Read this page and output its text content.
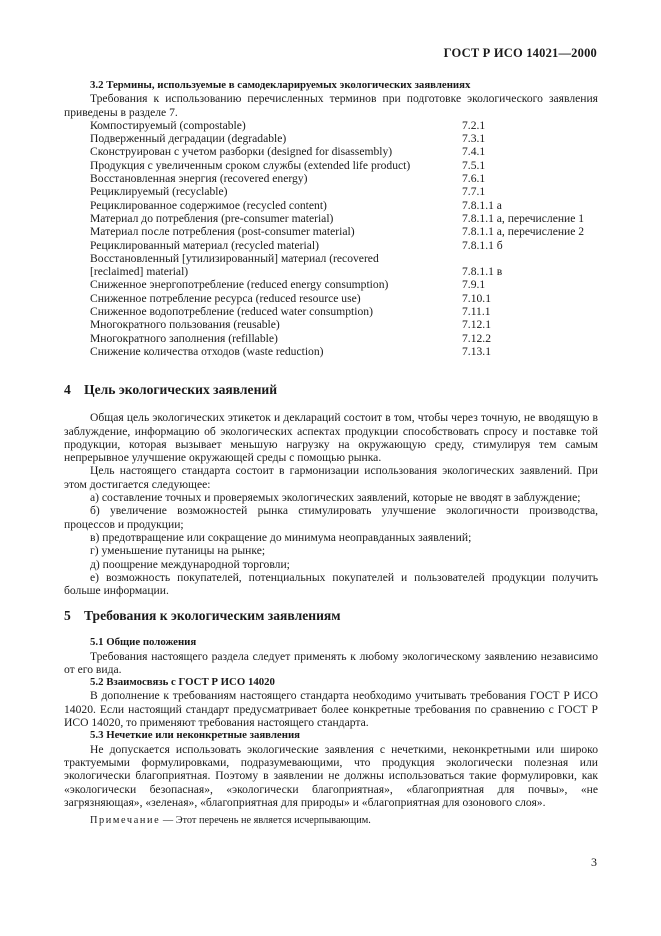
ГОСТ Р ИСО 14021—2000

3.2 Термины, используемые в самодекларируемых экологических заявлениях

Требования к использованию перечисленных терминов при подготовке экологического заявления приведены в разделе 7.

Компостируемый (compostable)	7.2.1
Подверженный деградации (degradable)	7.3.1
Сконструирован с учетом разборки (designed for disassembly)	7.4.1
Продукция с увеличенным сроком службы (extended life product)	7.5.1
Восстановленная энергия (recovered energy)	7.6.1
Рециклируемый (recyclable)	7.7.1
Рециклированное содержимое (recycled content)	7.8.1.1 а
Материал до потребления (pre-consumer material)	7.8.1.1 а, перечисление 1
Материал после потребления (post-consumer material)	7.8.1.1 а, перечисление 2
Рециклированный материал (recycled material)	7.8.1.1 б
Восстановленный [утилизированный] материал (recovered
[reclaimed] material)	7.8.1.1 в
Сниженное энергопотребление (reduced energy consumption)	7.9.1
Сниженное потребление ресурса (reduced resource use)	7.10.1
Сниженное водопотребление (reduced water consumption)	7.11.1
Многократного пользования (reusable)	7.12.1
Многократного заполнения (refillable)	7.12.2
Снижение количества отходов (waste reduction)	7.13.1

4 Цель экологических заявлений

Общая цель экологических этикеток и деклараций состоит в том, чтобы через точную, не вводящую в заблуждение, информацию об экологических аспектах продукции способствовать спросу и поставке той продукции, которая вызывает меньшую нагрузку на окружающую среду, стимулируя тем самым непрерывное улучшение окружающей среды с помощью рынка.

Цель настоящего стандарта состоит в гармонизации использования экологических заявлений. При этом достигается следующее:

а) составление точных и проверяемых экологических заявлений, которые не вводят в заблуждение;

б) увеличение возможностей рынка стимулировать улучшение экологичности производства, процессов и продукции;

в) предотвращение или сокращение до минимума неоправданных заявлений;

г) уменьшение путаницы на рынке;

д) поощрение международной торговли;

е) возможность покупателей, потенциальных покупателей и пользователей продукции получить больше информации.

5 Требования к экологическим заявлениям

5.1 Общие положения

Требования настоящего раздела следует применять к любому экологическому заявлению независимо от его вида.

5.2 Взаимосвязь с ГОСТ Р ИСО 14020

В дополнение к требованиям настоящего стандарта необходимо учитывать требования ГОСТ Р ИСО 14020. Если настоящий стандарт предусматривает более конкретные требования по сравнению с ГОСТ Р ИСО 14020, то применяют требования настоящего стандарта.

5.3 Нечеткие или неконкретные заявления

Не допускается использовать экологические заявления с нечеткими, неконкретными или широко трактуемыми формулировками, подразумевающими, что продукция экологически полезная или экологически благоприятная. Поэтому в заявлении не должны использоваться такие формулировки, как «экологически безопасная», «экологически благоприятная», «благоприятная для почвы», «не загрязняющая», «зеленая», «благоприятная для природы» и «благоприятная для озонового слоя».

Примечание — Этот перечень не является исчерпывающим.

3
